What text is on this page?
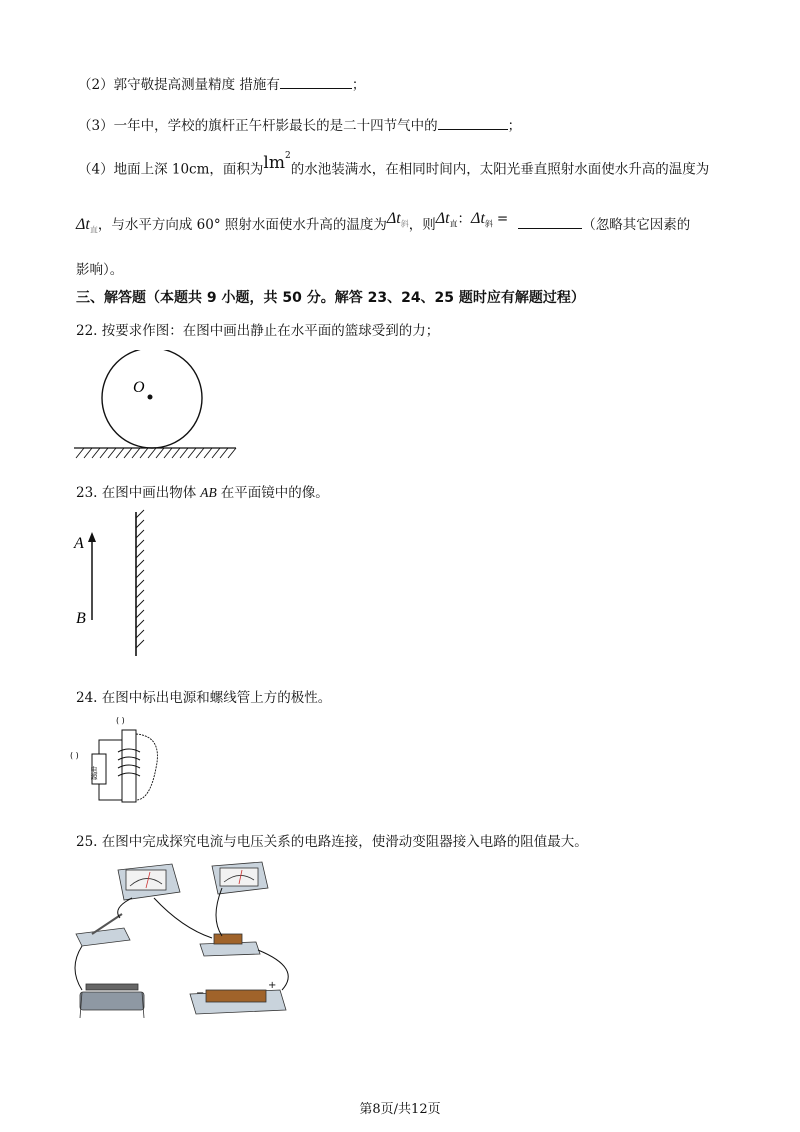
（2）郭守敬提高测量精度 措施有	；
（3）一年中，学校的旗杆正午杆影最长的是二十四节气中的	；
（4）地面上深 10cm，面积为$lm^2$的水池装满水，在相同时间内，太阳光垂直照射水面使水升高的温度为
$\Delta t_直$，与水平方向成 60° 照射水面使水升高的温度为$\Delta t_斜$，则$\Delta t_直$：$\Delta t_斜$ =	（忽略其它因素的
影响）。
三、解答题（本题共 9 小题，共 50 分。解答 23、24、25 题时应有解题过程）
22. 按要求作图：在图中画出静止在水平面的篮球受到的力；
O
23. 在图中画出物体 AB 在平面镜中的像。
A
B
24. 在图中标出电源和螺线管上方的极性。
( )
( )
电源
25. 在图中完成探究电流与电压关系的电路连接，使滑动变阻器接入电路的阻值最大。
−
+
第8页/共12页
